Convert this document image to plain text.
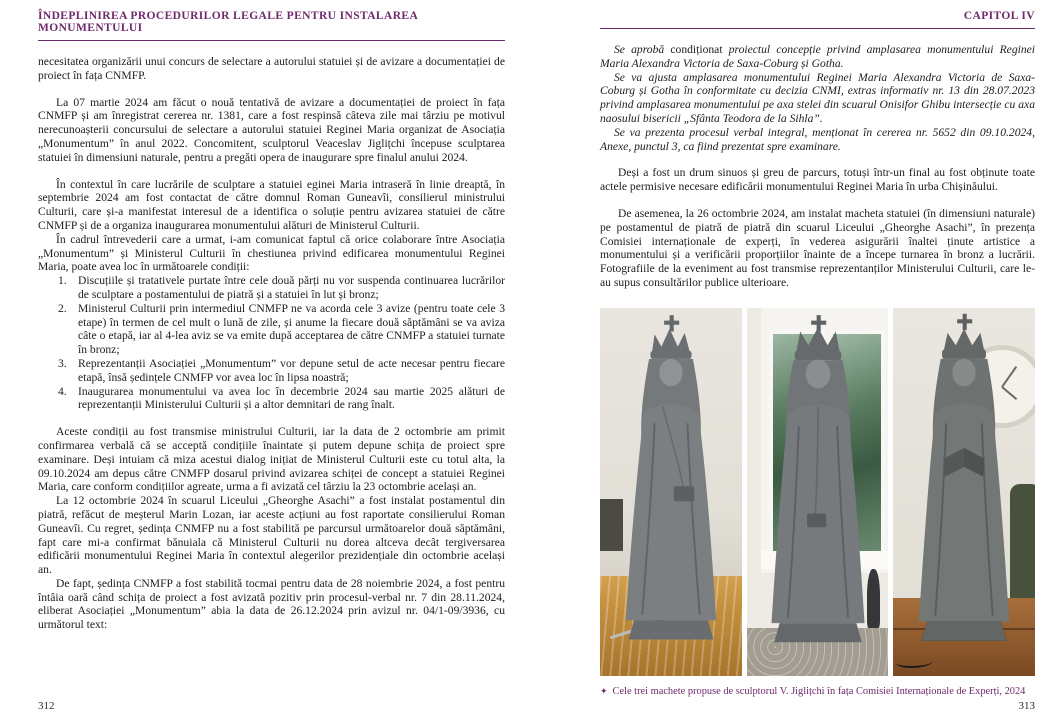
ÎNDEPLINIREA PROCEDURILOR LEGALE PENTRU INSTALAREA MONUMENTULUI

necesitatea organizării unui concurs de selectare a autorului statuiei și de avizare a documentației de proiect în fața CNMFP.

La 07 martie 2024 am făcut o nouă tentativă de avizare a documentației de proiect în fața CNMFP și am înregistrat cererea nr. 1381, care a fost respinsă câteva zile mai târziu pe motivul nerecunoașterii concursului de selectare a autorului statuiei Reginei Maria organizat de Asociația „Monumentum” în anul 2022. Concomitent, sculptorul Veaceslav Jiglițchi începuse sculptarea statuiei în dimensiuni naturale, pentru a pregăti opera de inaugurare spre finalul anului 2024.

În contextul în care lucrările de sculptare a statuiei eginei Maria intraseră în linie dreaptă, în septembrie 2024 am fost contactat de către domnul Roman Guneavîi, consilierul ministrului Culturii, care și-a manifestat interesul de a identifica o soluție pentru avizarea statuiei de către CNMFP și de a organiza inaugurarea monumentului alături de Ministerul Culturii.

În cadrul întrevederii care a urmat, i-am comunicat faptul că orice colaborare între Asociația „Monumentum” și Ministerul Culturii în chestiunea privind edificarea monumentului Reginei Maria, poate avea loc în următoarele condiții:

1. Discuțiile și tratativele purtate între cele două părți nu vor suspenda continuarea lucrărilor de sculptare a postamentului de piatră și a statuiei în lut și bronz;
2. Ministerul Culturii prin intermediul CNMFP ne va acorda cele 3 avize (pentru toate cele 3 etape) în termen de cel mult o lună de zile, și anume la fiecare două săptămâni se va aviza câte o etapă, iar al 4-lea aviz se va emite după acceptarea de către CNMFP a statuiei turnate în bronz;
3. Reprezentanții Asociației „Monumentum” vor depune setul de acte necesar pentru fiecare etapă, însă ședințele CNMFP vor avea loc în lipsa noastră;
4. Inaugurarea monumentului va avea loc în decembrie 2024 sau martie 2025 alături de reprezentanții Ministerului Culturii și a altor demnitari de rang înalt.

Aceste condiții au fost transmise ministrului Culturii, iar la data de 2 octombrie am primit confirmarea verbală că se acceptă condițiile înaintate și putem depune schița de proiect spre examinare. Deși intuiam că miza acestui dialog inițiat de Ministerul Culturii este cu totul alta, la 09.10.2024 am depus către CNMFP dosarul privind avizarea schiței de concept a statuiei Reginei Maria, care conform condițiilor agreate, urma a fi avizată cel târziu la 23 octombrie același an.

La 12 octombrie 2024 în scuarul Liceului „Gheorghe Asachi” a fost instalat postamentul din piatră, refăcut de meșterul Marin Lozan, iar aceste acțiuni au fost raportate consilierului Roman Guneavîi. Cu regret, ședința CNMFP nu a fost stabilită pe parcursul următoarelor două săptămâni, fapt care mi-a confirmat bănuiala că Ministerul Culturii nu dorea altceva decât tergiversarea edificării monumentului Reginei Maria în contextul alegerilor prezidențiale din octombrie același an.

De fapt, ședința CNMFP a fost stabilită tocmai pentru data de 28 noiembrie 2024, a fost pentru întâia oară când schița de proiect a fost avizată pozitiv prin procesul-verbal nr. 7 din 28.11.2024, eliberat Asociației „Monumentum” abia la data de 26.12.2024 prin avizul nr. 04/1-09/3936, cu următorul text:

312
CAPITOL IV

Se aprobă condiționat proiectul concepție privind amplasarea monumentului Reginei Maria Alexandra Victoria de Saxa-Coburg și Gotha.

Se va ajusta amplasarea monumentului Reginei Maria Alexandra Victoria de Saxa-Coburg și Gotha în conformitate cu decizia CNMI, extras informativ nr. 13 din 28.07.2023 privind amplasarea monumentului pe axa stelei din scuarul Onisifor Ghibu intersecție cu axa naosului bisericii „Sfânta Teodora de la Sihla”.

Se va prezenta procesul verbal integral, menționat în cererea nr. 5652 din 09.10.2024, Anexe, punctul 3, ca fiind prezentat spre examinare.

Deși a fost un drum sinuos și greu de parcurs, totuși într-un final au fost obținute toate actele permisive necesare edificării monumentului Reginei Maria în urba Chișinăului.

De asemenea, la 26 octombrie 2024, am instalat macheta statuiei (în dimensiuni naturale) pe postamentul de piatră de piatră din scuarul Liceului „Gheorghe Asachi”, în prezența Comisiei internaționale de experți, în vederea asigurării înaltei ținute artistice a monumentului și a verificării proporțiilor înainte de a începe turnarea în bronz a lucrării. Fotografiile de la eveniment au fost transmise reprezentanților Ministerului Culturii, care le-au supus consultărilor publice ulterioare.

✦ Cele trei machete propuse de sculptorul V. Jiglițchi în fața Comisiei Internaționale de Experți, 2024
313
